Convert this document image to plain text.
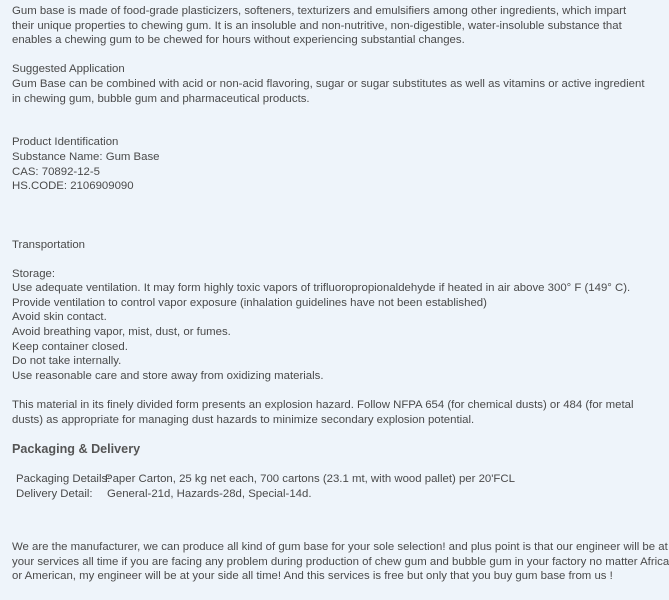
Gum base is made of food-grade plasticizers, softeners, texturizers and emulsifiers among other ingredients, which impart
their unique properties to chewing gum. It is an insoluble and non-nutritive, non-digestible, water-insoluble substance that
enables a chewing gum to be chewed for hours without experiencing substantial changes.
Suggested Application
Gum Base can be combined with acid or non-acid flavoring, sugar or sugar substitutes as well as vitamins or active ingredient
in chewing gum, bubble gum and pharmaceutical products.
Product Identification
Substance Name: Gum Base
CAS: 70892-12-5
HS.CODE: 2106909090
Transportation
Storage:
Use adequate ventilation. It may form highly toxic vapors of trifluoropropionaldehyde if heated in air above 300° F (149° C).
Provide ventilation to control vapor exposure (inhalation guidelines have not been established)
Avoid skin contact.
Avoid breathing vapor, mist, dust, or fumes.
Keep container closed.
Do not take internally.
Use reasonable care and store away from oxidizing materials.
This material in its finely divided form presents an explosion hazard. Follow NFPA 654 (for chemical dusts) or 484 (for metal
dusts) as appropriate for managing dust hazards to minimize secondary explosion potential.
Packaging & Delivery
Packaging Details:
Paper Carton, 25 kg net each, 700 cartons (23.1 mt, with wood pallet) per 20'FCL
Delivery Detail:	General-21d, Hazards-28d, Special-14d.
We are the manufacturer, we can produce all kind of gum base for your sole selection! and plus point is that our engineer will be at
your services all time if you are facing any problem during production of chew gum and bubble gum in your factory no matter Africa
or American, my engineer will be at your side all time! And this services is free but only that you buy gum base from us !
